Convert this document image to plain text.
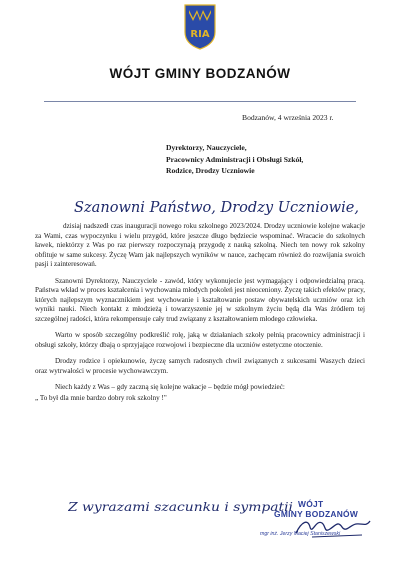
RIA
WÓJT GMINY BODZANÓW
Bodzanów, 4 września 2023 r.
Dyrektorzy, Nauczyciele,
Pracownicy Administracji i Obsługi Szkół,
Rodzice, Drodzy Uczniowie
Szanowni Państwo, Drodzy Uczniowie,

dzisiaj nadszedł czas inauguracji nowego roku szkolnego 2023/2024. Drodzy uczniowie kolejne wakacje za Wami, czas wypoczynku i wielu przygód, które jeszcze długo będziecie wspominać. Wracacie do szkolnych ławek, niektórzy z Was po raz pierwszy rozpoczynają przygodę z nauką szkolną. Niech ten nowy rok szkolny obfituje w same sukcesy. Życzę Wam jak najlepszych wyników w nauce, zachęcam również do rozwijania swoich pasji i zainteresowań.

Szanowni Dyrektorzy, Nauczyciele - zawód, który wykonujecie jest wymagający i odpowiedzialną pracą. Państwa wkład w proces kształcenia i wychowania młodych pokoleń jest nieoceniony. Życzę takich efektów pracy, których najlepszym wyznacznikiem jest wychowanie i kształtowanie postaw obywatelskich uczniów oraz ich wyniki nauki. Niech kontakt z młodzieżą i towarzyszenie jej w szkolnym życiu będą dla Was źródłem tej szczególnej radości, która rekompensuje cały trud związany z kształtowaniem młodego człowieka.

Warto w sposób szczególny podkreślić rolę, jaką w działaniach szkoły pełnią pracownicy administracji i obsługi szkoły, którzy dbają o sprzyjające rozwojowi i bezpieczne dla uczniów estetyczne otoczenie.

Drodzy rodzice i opiekunowie, życzę samych radosnych chwil związanych z sukcesami Waszych dzieci oraz wytrwałości w procesie wychowawczym.

Niech każdy z Was – gdy zaczną się kolejne wakacje – będzie mógł powiedzieć:

„ To był dla mnie bardzo dobry rok szkolny !"

Z wyrazami szacunku i sympatii WÓJT
GMINY BODZANÓW
mgr inż. Jerzy Maciej Staniszewski
